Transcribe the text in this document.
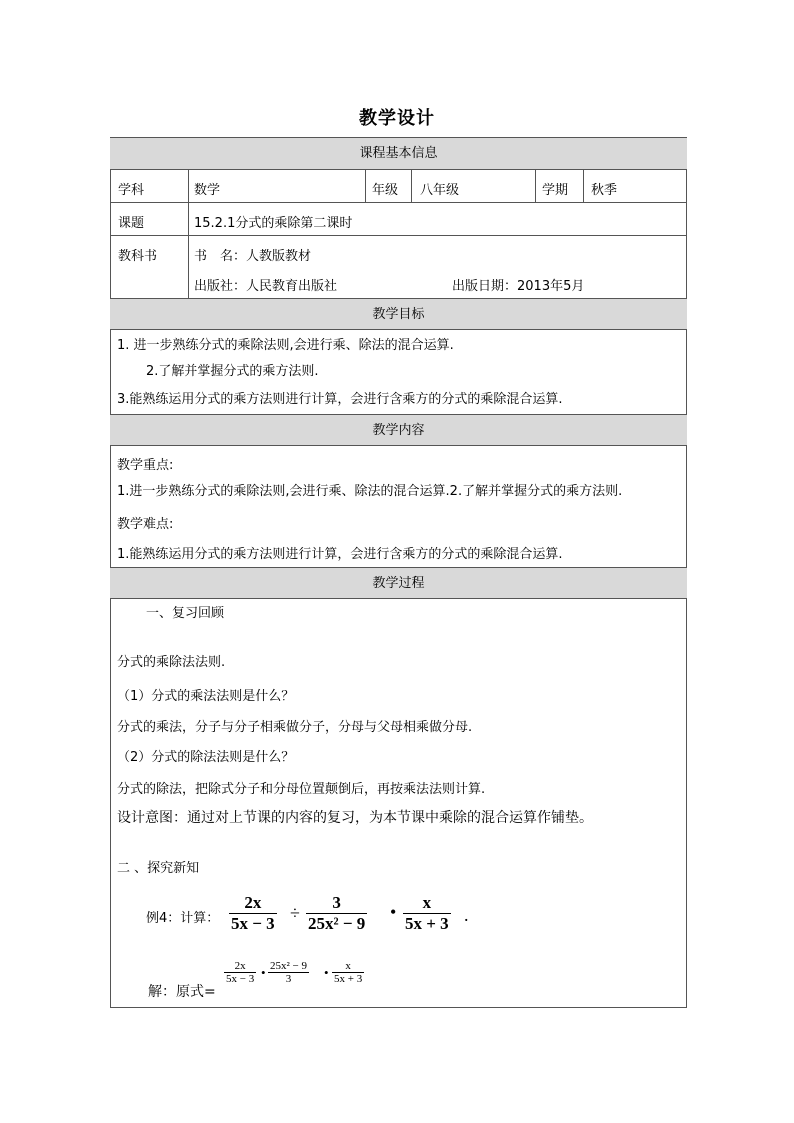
教学设计
课程基本信息
学科	数学	年级 八年级	学期 秋季
课题	15.2.1分式的乘除第二课时
教科书	书　名：人教版教材
出版社：人民教育出版社	出版日期：2013年5月
教学目标
1. 进一步熟练分式的乘除法则,会进行乘、除法的混合运算.
2.了解并掌握分式的乘方法则.
3.能熟练运用分式的乘方法则进行计算，会进行含乘方的分式的乘除混合运算.
教学内容
教学重点:
1.进一步熟练分式的乘除法则,会进行乘、除法的混合运算.2.了解并掌握分式的乘方法则.
教学难点:
1.能熟练运用分式的乘方法则进行计算，会进行含乘方的分式的乘除混合运算.
教学过程
一、复习回顾
分式的乘除法法则.
（1）分式的乘法法则是什么？
分式的乘法，分子与分子相乘做分子，分母与父母相乘做分母.
（2）分式的除法法则是什么？
分式的除法，把除式分子和分母位置颠倒后，再按乘法法则计算.
设计意图：通过对上节课的内容的复习，为本节课中乘除的混合运算作铺垫。
二 、探究新知
例4：计算：
2x
5x − 3
÷
3
25x² − 9
• x
5x + 3 .
解：原式=
2x
5x − 3 • 25x² − 9
3	• x
5x + 3
